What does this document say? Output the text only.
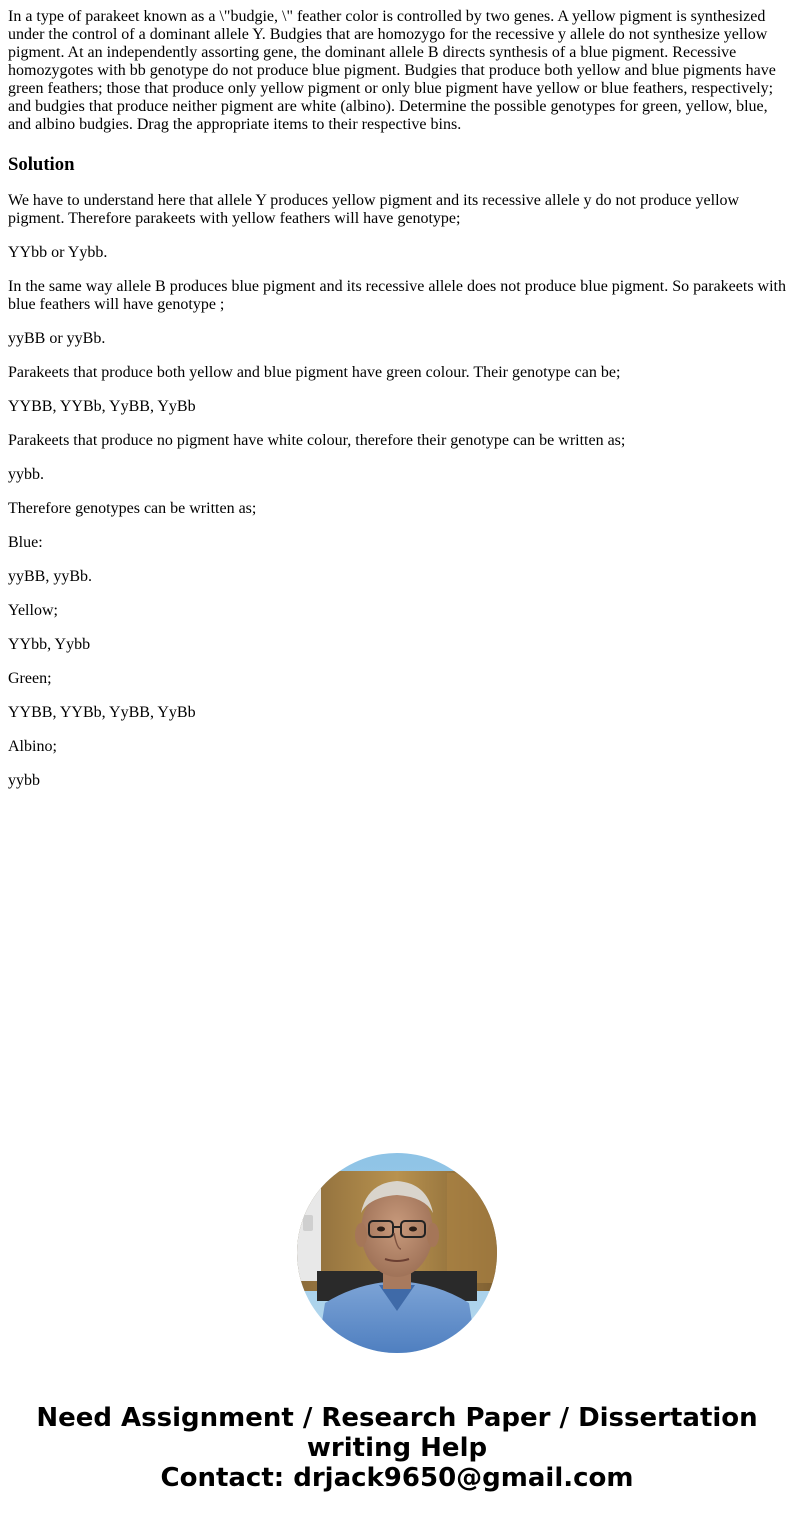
In a type of parakeet known as a \"budgie, \" feather color is controlled by two genes. A yellow pigment is synthesized under the control of a dominant allele Y. Budgies that are homozygo for the recessive y allele do not synthesize yellow pigment. At an independently assorting gene, the dominant allele B directs synthesis of a blue pigment. Recessive homozygotes with bb genotype do not produce blue pigment. Budgies that produce both yellow and blue pigments have green feathers; those that produce only yellow pigment or only blue pigment have yellow or blue feathers, respectively; and budgies that produce neither pigment are white (albino). Determine the possible genotypes for green, yellow, blue, and albino budgies. Drag the appropriate items to their respective bins.

Solution

We have to understand here that allele Y produces yellow pigment and its recessive allele y do not produce yellow pigment. Therefore parakeets with yellow feathers will have genotype;

YYbb or Yybb.

In the same way allele B produces blue pigment and its recessive allele does not produce blue pigment. So parakeets with blue feathers will have genotype ;

yyBB or yyBb.

Parakeets that produce both yellow and blue pigment have green colour. Their genotype can be;

YYBB, YYBb, YyBB, YyBb

Parakeets that produce no pigment have white colour, therefore their genotype can be written as;

yybb.

Therefore genotypes can be written as;

Blue:

yyBB, yyBb.

Yellow;

YYbb, Yybb

Green;

YYBB, YYBb, YyBB, YyBb

Albino;

yybb

Need Assignment / Research Paper / Dissertation
writing Help
Contact: drjack9650@gmail.com
